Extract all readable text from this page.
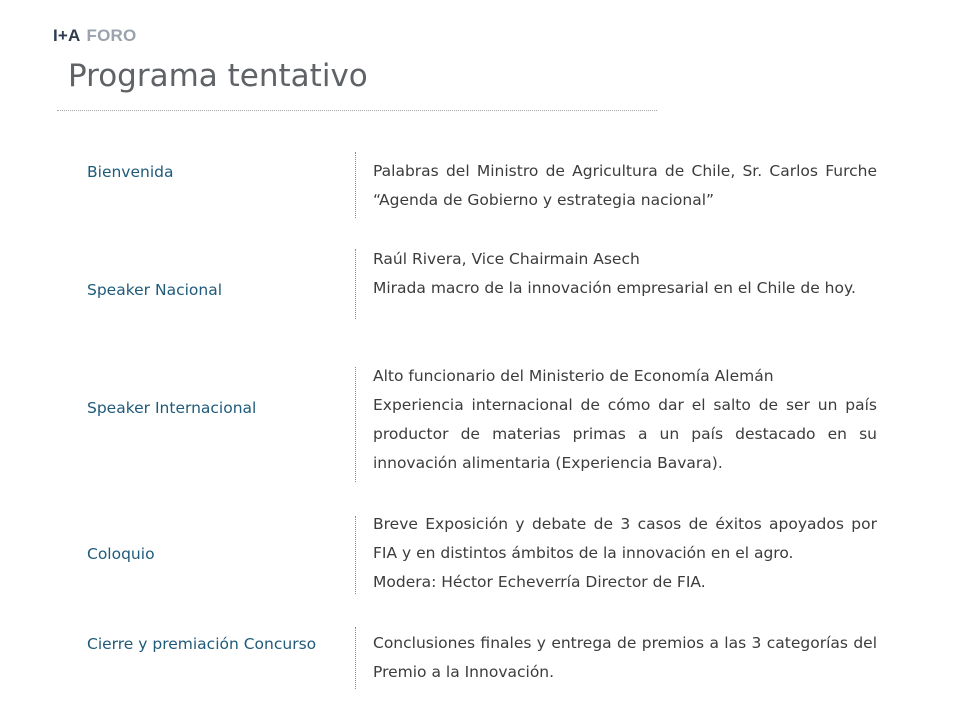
I+A FORO
Programa tentativo
Bienvenida	Palabras del Ministro de Agricultura de Chile, Sr. Carlos Furche “Agenda de Gobierno y estrategia nacional”

Speaker Nacional

Raúl Rivera, Vice Chairmain Asech

Mirada macro de la innovación empresarial en el Chile de hoy.

Speaker Internacional

Alto funcionario del Ministerio de Economía Alemán

Experiencia internacional de cómo dar el salto de ser un país productor de materias primas a un país destacado en su innovación alimentaria (Experiencia Bavara).

Coloquio

Breve Exposición y debate de 3 casos de éxitos apoyados por FIA y en distintos ámbitos de la innovación en el agro.

Modera: Héctor Echeverría Director de FIA.

Cierre y premiación Concurso	Conclusiones finales y entrega de premios a las 3 categorías del Premio a la Innovación.
